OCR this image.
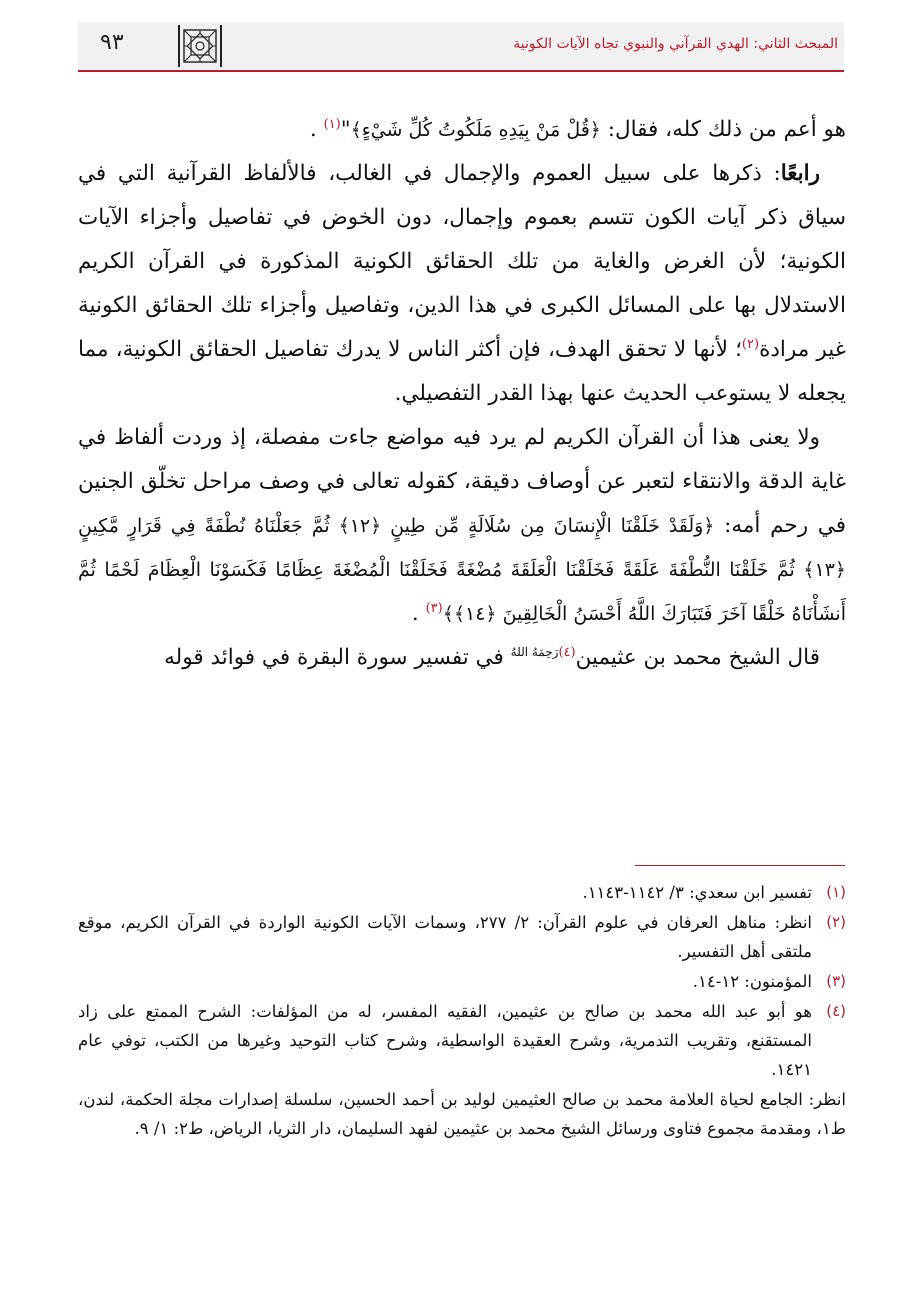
المبحث الثاني: الهدي القرآني والنبوي تجاه الآيات الكونية
٩٣

هو أعم من ذلك كله، فقال: ﴿قُلْ مَنْ بِيَدِهِ مَلَكُوتُ كُلِّ شَيْءٍ﴾"$^{(١)}$ .

رابعًا: ذكرها على سبيل العموم والإجمال في الغالب، فالألفاظ القرآنية التي في سياق ذكر آيات الكون تتسم بعموم وإجمال، دون الخوض في تفاصيل وأجزاء الآيات الكونية؛ لأن الغرض والغاية من تلك الحقائق الكونية المذكورة في القرآن الكريم الاستدلال بها على المسائل الكبرى في هذا الدين، وتفاصيل وأجزاء تلك الحقائق الكونية غير مرادة$^{(٢)}$؛ لأنها لا تحقق الهدف، فإن أكثر الناس لا يدرك تفاصيل الحقائق الكونية، مما يجعله لا يستوعب الحديث عنها بهذا القدر التفصيلي.

ولا يعنى هذا أن القرآن الكريم لم يرد فيه مواضع جاءت مفصلة، إذ وردت ألفاظ في غاية الدقة والانتقاء لتعبر عن أوصاف دقيقة، كقوله تعالى في وصف مراحل تخلّق الجنين في رحم أمه: ﴿وَلَقَدْ خَلَقْنَا الْإِنسَانَ مِن سُلَالَةٍ مِّن طِينٍ ﴿١٢﴾ ثُمَّ جَعَلْنَاهُ نُطْفَةً فِي قَرَارٍ مَّكِينٍ ﴿١٣﴾ ثُمَّ خَلَقْنَا النُّطْفَةَ عَلَقَةً فَخَلَقْنَا الْعَلَقَةَ مُضْغَةً فَخَلَقْنَا الْمُضْغَةَ عِظَامًا فَكَسَوْنَا الْعِظَامَ لَحْمًا ثُمَّ أَنشَأْنَاهُ خَلْقًا آخَرَ فَتَبَارَكَ اللَّهُ أَحْسَنُ الْخَالِقِينَ ﴿١٤﴾﴾$^{(٣)}$ .

قال الشيخ محمد بن عثيمين$^{(٤)رَحِمَهُ اللهُ}$ في تفسير سورة البقرة في فوائد قوله

(١)
تفسير ابن سعدي: ٣/ ١١٤٢-١١٤٣.
(٢)
انظر: مناهل العرفان في علوم القرآن: ٢/ ٢٧٧، وسمات الآيات الكونية الواردة في القرآن الكريم، موقع ملتقى أهل التفسير.
(٣)
المؤمنون: ١٢-١٤.
(٤)
هو أبو عبد الله محمد بن صالح بن عثيمين، الفقيه المفسر، له من المؤلفات: الشرح الممتع على زاد المستقنع، وتقريب التدمرية، وشرح العقيدة الواسطية، وشرح كتاب التوحيد وغيرها من الكتب، توفي عام ١٤٢١.
انظر: الجامع لحياة العلامة محمد بن صالح العثيمين لوليد بن أحمد الحسين، سلسلة إصدارات مجلة الحكمة، لندن، ط١، ومقدمة مجموع فتاوى ورسائل الشيخ محمد بن عثيمين لفهد السليمان، دار الثريا، الرياض، ط٢: ١/ ٩.
